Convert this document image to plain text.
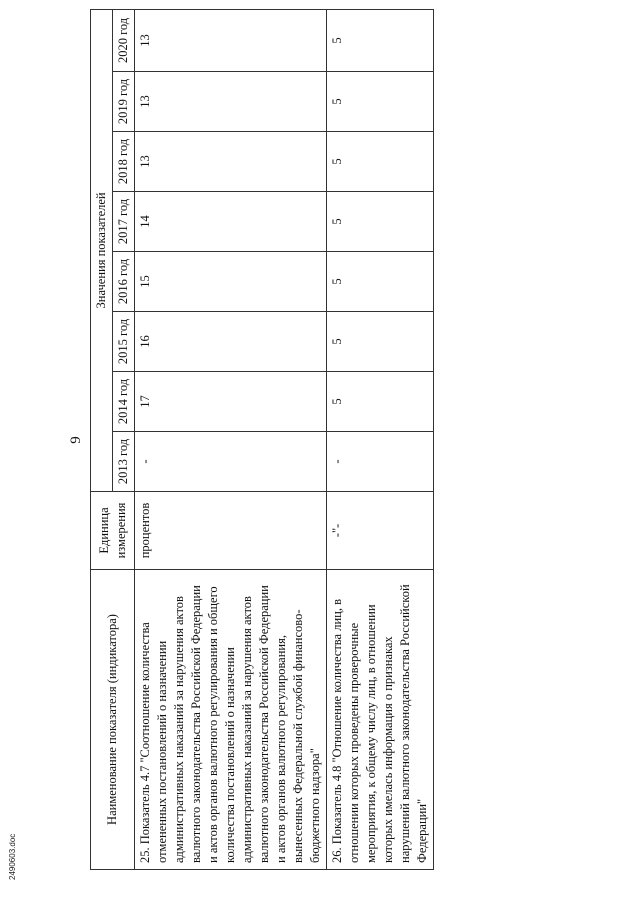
9
Наименование показателя (индикатора)	Единица измерения	Значения показателей							
		2013 год	2014 год	2015 год	2016 год	2017 год	2018 год	2019 год	2020 год
25. Показатель 4.7 "Соотношение количества отмененных постановлений о назначении административных наказаний за нарушения актов валютного законодательства Российской Федерации и актов органов валютного регулирования и общего количества постановлений о назначении административных наказаний за нарушения актов валютного законодательства Российской Федерации и актов органов валютного регулирования, вынесенных Федеральной службой финансово-бюджетного надзора"	процентов	-	17	16	15	14	13	13	13
26. Показатель 4.8 "Отношение количества лиц, в отношении которых проведены проверочные мероприятия, к общему числу лиц, в отношении которых имелась информация о признаках нарушений валютного законодательства Российской Федерации"	-"-	-	5	5	5	5	5	5	5
2490603.doc
